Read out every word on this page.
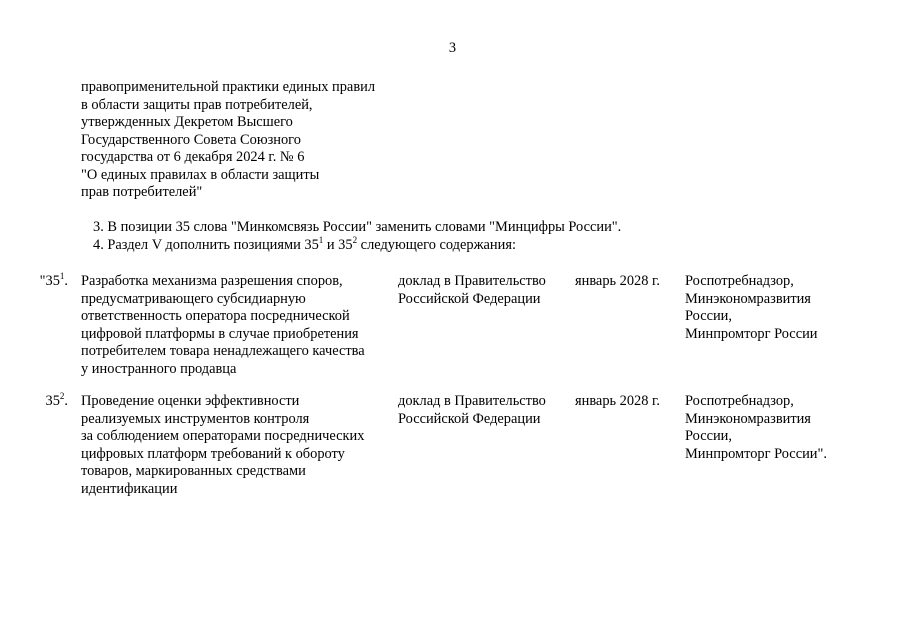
3
правоприменительной практики единых правил
в области защиты прав потребителей,
утвержденных Декретом Высшего
Государственного Совета Союзного
государства от 6 декабря 2024 г. № 6
"О единых правилах в области защиты
прав потребителей"
3. В позиции 35 слова "Минкомсвязь России" заменить словами "Минцифры России".
4. Раздел V дополнить позициями $35^1$ и $35^2$ следующего содержания:
"$35^1$. Разработка механизма разрешения споров,
предусматривающего субсидиарную
ответственность оператора посреднической
цифровой платформы в случае приобретения
потребителем товара ненадлежащего качества
у иностранного продавца
доклад в Правительство
Российской Федерации
январь 2028 г.	Роспотребнадзор,
Минэкономразвития
России,
Минпромторг России
$35^2$. Проведение оценки эффективности
реализуемых инструментов контроля
за соблюдением операторами посреднических
цифровых платформ требований к обороту
товаров, маркированных средствами
идентификации
доклад в Правительство
Российской Федерации
январь 2028 г.	Роспотребнадзор,
Минэкономразвития
России,
Минпромторг России".
